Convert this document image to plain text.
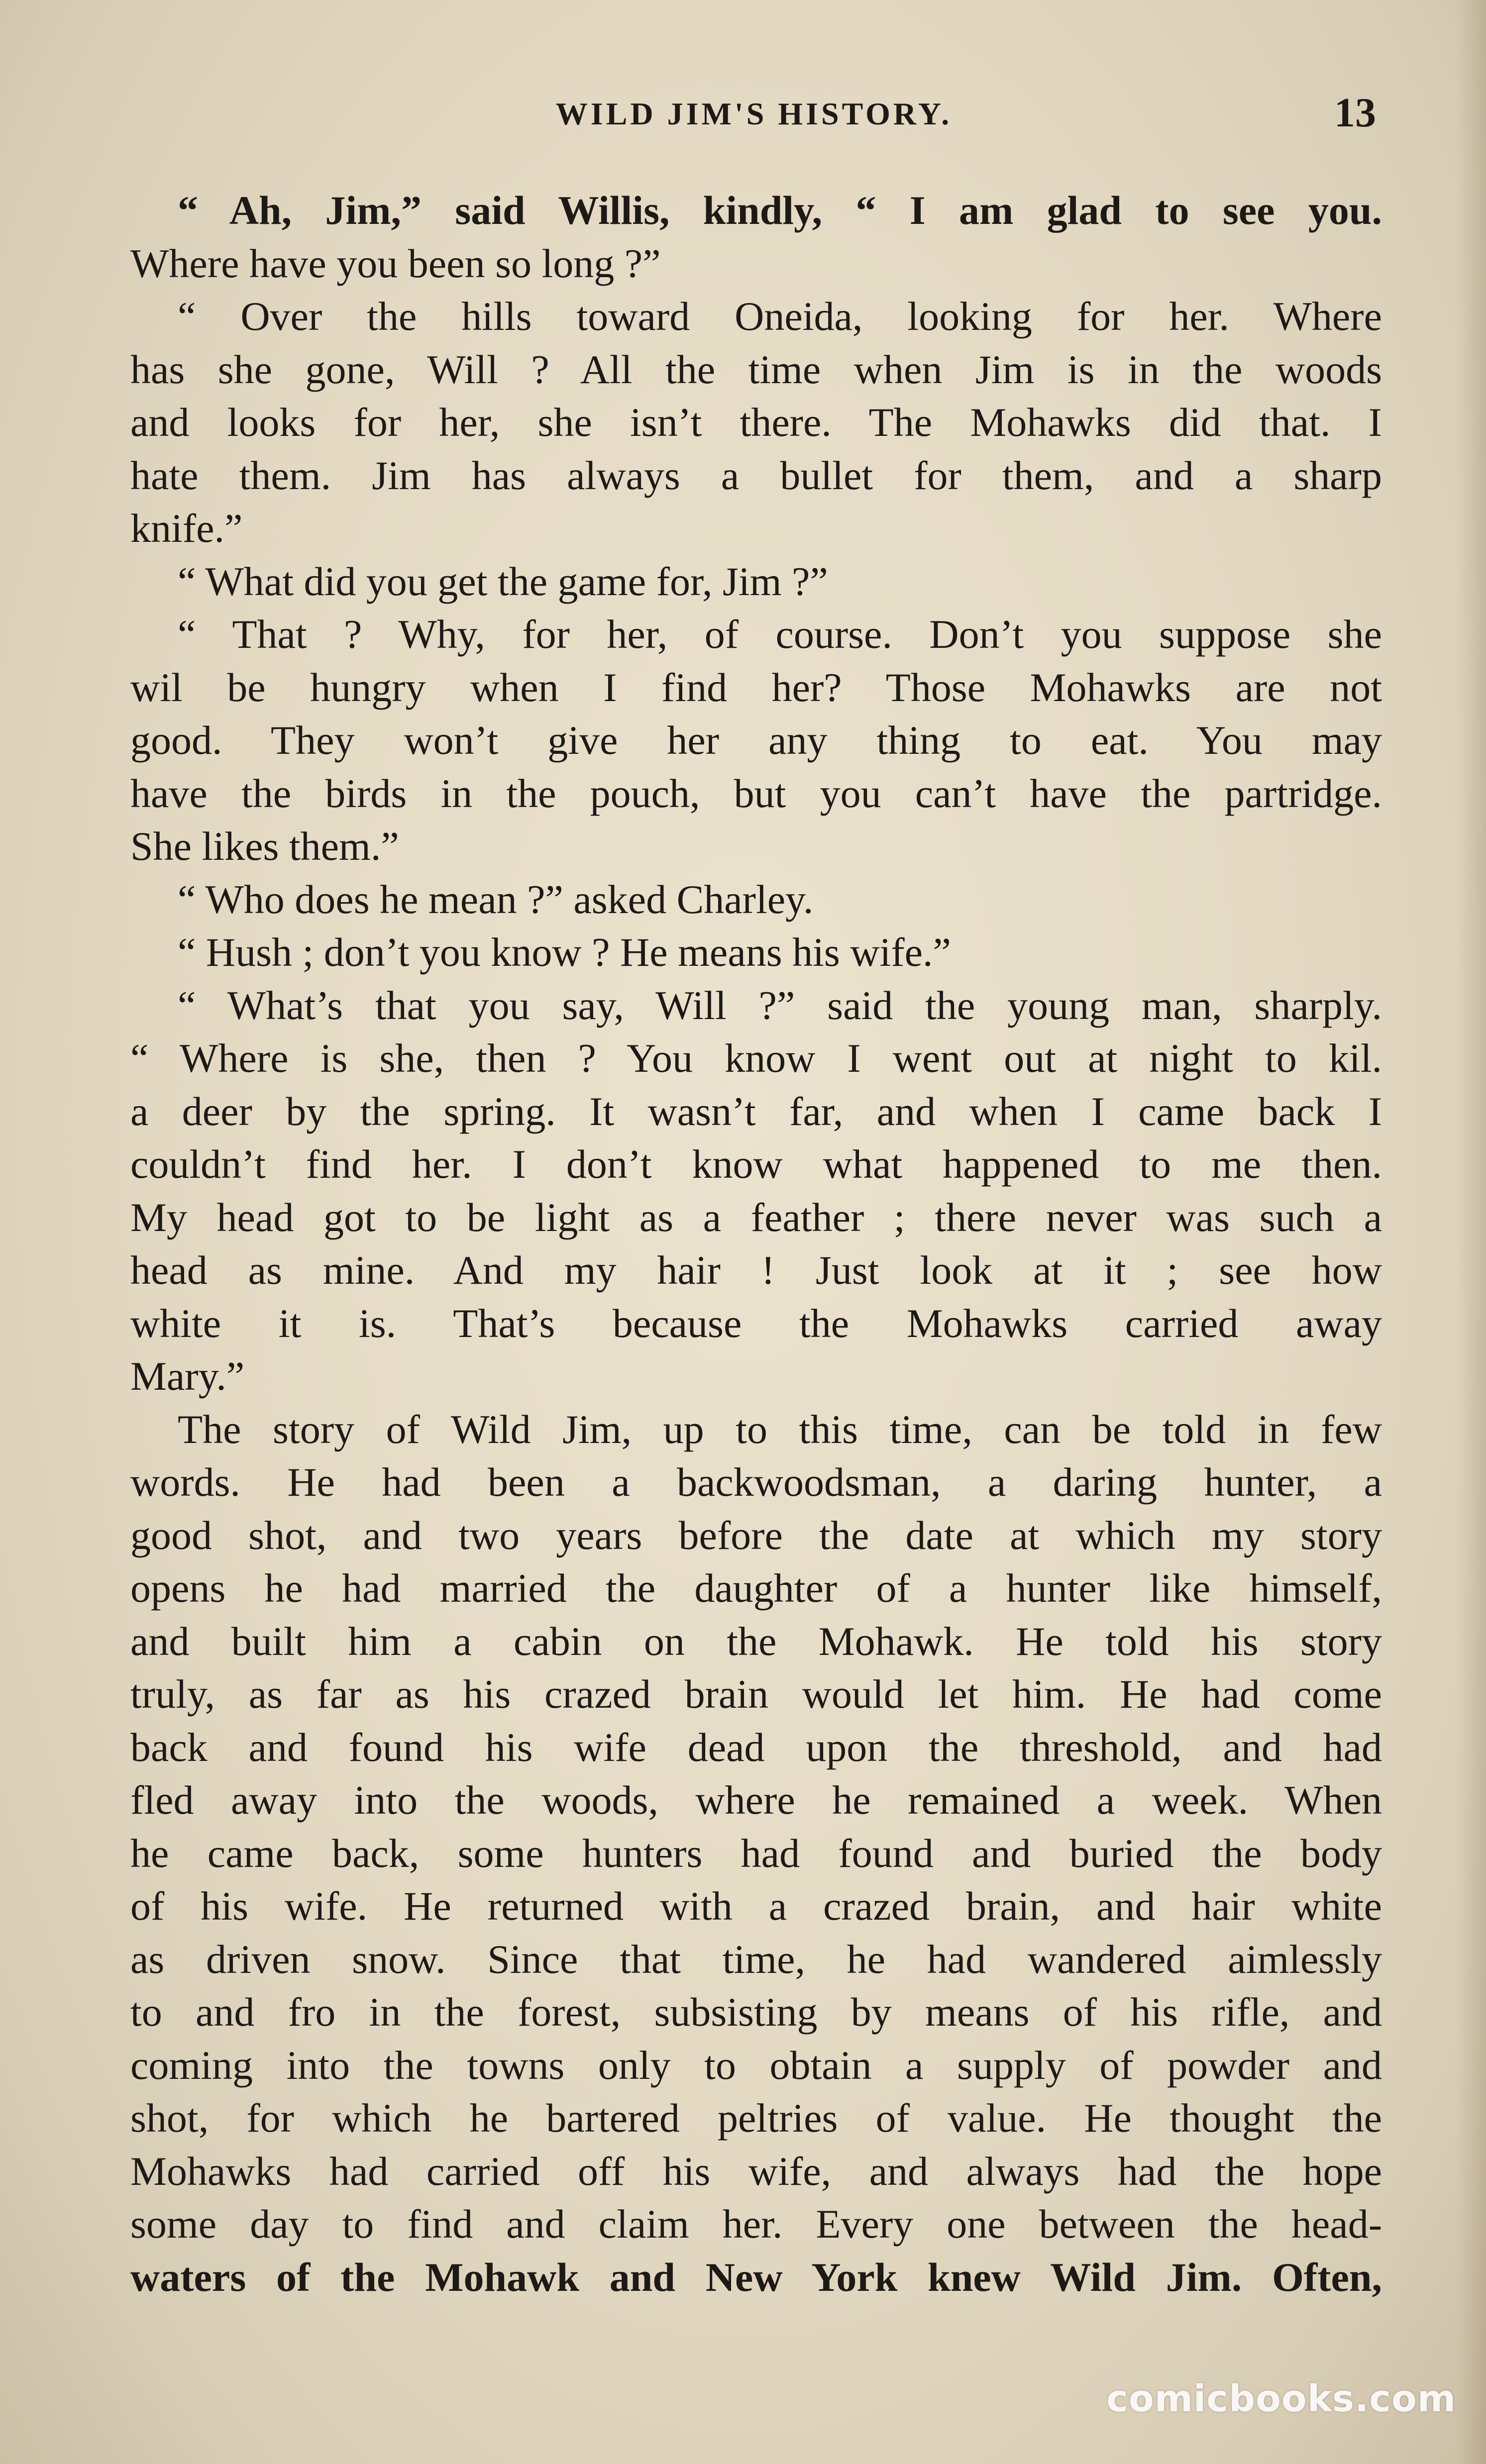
WILD JIM'S HISTORY.	13
“ Ah, Jim,” said Willis, kindly, “ I am glad to see you.
Where have you been so long ?”
“ Over the hills toward Oneida, looking for her. Where
has she gone, Will ? All the time when Jim is in the woods
and looks for her, she isn’t there. The Mohawks did that. I
hate them. Jim has always a bullet for them, and a sharp
knife.”
“ What did you get the game for, Jim ?”
“ That ? Why, for her, of course. Don’t you suppose she
wil be hungry when I find her? Those Mohawks are not
good. They won’t give her any thing to eat. You may
have the birds in the pouch, but you can’t have the partridge.
She likes them.”
“ Who does he mean ?” asked Charley.
“ Hush ; don’t you know ? He means his wife.”
“ What’s that you say, Will ?” said the young man, sharply.
“ Where is she, then ? You know I went out at night to kil.
a deer by the spring. It wasn’t far, and when I came back I
couldn’t find her. I don’t know what happened to me then.
My head got to be light as a feather ; there never was such a
head as mine. And my hair ! Just look at it ; see how
white it is. That’s because the Mohawks carried away
Mary.”
The story of Wild Jim, up to this time, can be told in few
words. He had been a backwoodsman, a daring hunter, a
good shot, and two years before the date at which my story
opens he had married the daughter of a hunter like himself,
and built him a cabin on the Mohawk. He told his story
truly, as far as his crazed brain would let him. He had come
back and found his wife dead upon the threshold, and had
fled away into the woods, where he remained a week. When
he came back, some hunters had found and buried the body
of his wife. He returned with a crazed brain, and hair white
as driven snow. Since that time, he had wandered aimlessly
to and fro in the forest, subsisting by means of his rifle, and
coming into the towns only to obtain a supply of powder and
shot, for which he bartered peltries of value. He thought the
Mohawks had carried off his wife, and always had the hope
some day to find and claim her. Every one between the head-
waters of the Mohawk and New York knew Wild Jim. Often,
comicbooks.com
